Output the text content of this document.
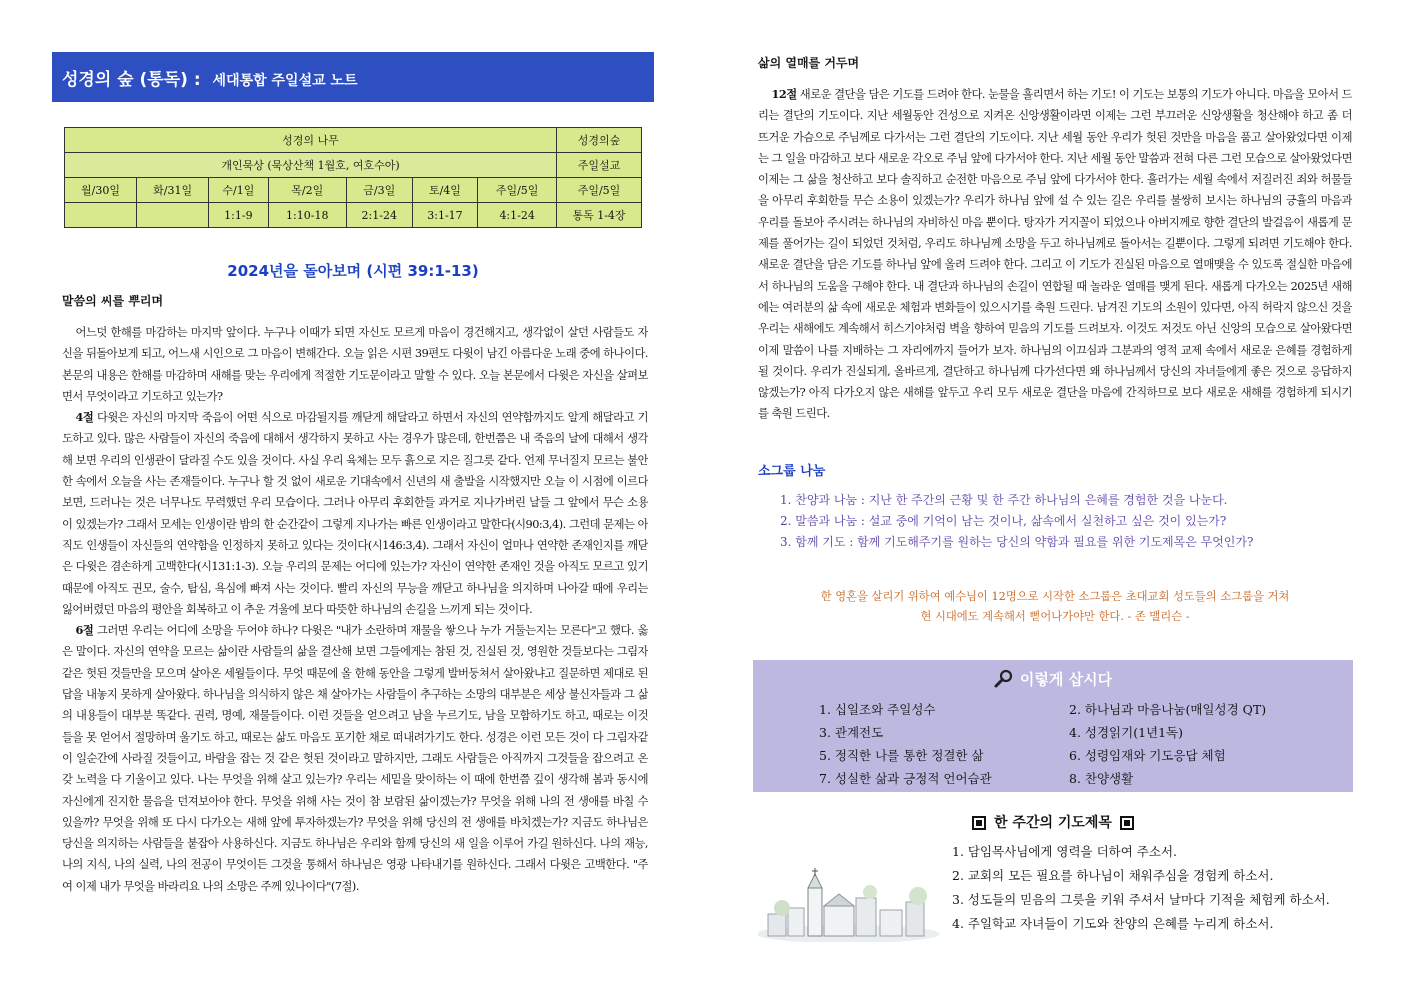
성경의 숲 (통독) : 세대통합 주일설교 노트
성경의 나무							성경의숲
개인묵상 (묵상산책 1월호, 여호수아)							주일설교
월/30일	화/31일	수/1일	목/2일	금/3일	토/4일	주일/5일	주일/5일
		1:1-9	1:10-18	2:1-24	3:1-17	4:1-24	통독 1-4장
2024년을 돌아보며 (시편 39:1-13)
말씀의 씨를 뿌리며

어느덧 한해를 마감하는 마지막 앞이다. 누구나 이때가 되면 자신도 모르게 마음이 경건해지고, 생각없이 살던 사람들도 자신을 뒤돌아보게 되고, 어느새 시인으로 그 마음이 변해간다. 오늘 읽은 시편 39편도 다윗이 남긴 아름다운 노래 중에 하나이다. 본문의 내용은 한해를 마감하며 새해를 맞는 우리에게 적절한 기도문이라고 말할 수 있다. 오늘 본문에서 다윗은 자신을 살펴보면서 무엇이라고 기도하고 있는가?

4절 다윗은 자신의 마지막 죽음이 어떤 식으로 마감될지를 깨닫게 해달라고 하면서 자신의 연약함까지도 알게 해달라고 기도하고 있다. 많은 사람들이 자신의 죽음에 대해서 생각하지 못하고 사는 경우가 많은데, 한번쯤은 내 죽음의 날에 대해서 생각해 보면 우리의 인생관이 달라질 수도 있을 것이다. 사실 우리 육체는 모두 흙으로 지은 질그릇 같다. 언제 무너질지 모르는 불안한 속에서 오늘을 사는 존재들이다. 누구나 할 것 없이 새로운 기대속에서 신년의 새 출발을 시작했지만 오늘 이 시점에 이르다 보면, 드러나는 것은 너무나도 무력했던 우리 모습이다. 그러나 아무리 후회한들 과거로 지나가버린 날들 그 앞에서 무슨 소용이 있겠는가? 그래서 모세는 인생이란 밤의 한 순간같이 그렇게 지나가는 빠른 인생이라고 말한다(시90:3,4). 그런데 문제는 아직도 인생들이 자신들의 연약함을 인정하지 못하고 있다는 것이다(시146:3,4). 그래서 자신이 얼마나 연약한 존재인지를 깨닫은 다윗은 겸손하게 고백한다(시131:1-3). 오늘 우리의 문제는 어디에 있는가? 자신이 연약한 존재인 것을 아직도 모르고 있기 때문에 아직도 권모, 술수, 탐심, 욕심에 빠져 사는 것이다. 빨리 자신의 무능을 깨닫고 하나님을 의지하며 나아갈 때에 우리는 잃어버렸던 마음의 평안을 회복하고 이 추운 겨울에 보다 따뜻한 하나님의 손길을 느끼게 되는 것이다.

6절 그러면 우리는 어디에 소망을 두어야 하나? 다윗은 "내가 소란하며 재물을 쌓으나 누가 거둘는지는 모른다"고 했다. 옳은 말이다. 자신의 연약을 모르는 삶이란 사람들의 삶을 결산해 보면 그들에게는 참된 것, 진실된 것, 영원한 것들보다는 그림자같은 헛된 것들만을 모으며 살아온 세월들이다. 무엇 때문에 올 한해 동안을 그렇게 발버둥쳐서 살아왔냐고 질문하면 제대로 된 답을 내놓지 못하게 살아왔다. 하나님을 의식하지 않은 채 살아가는 사람들이 추구하는 소망의 대부분은 세상 불신자들과 그 삶의 내용들이 대부분 똑같다. 권력, 명예, 재물들이다. 이런 것들을 얻으려고 남을 누르기도, 남을 모함하기도 하고, 때로는 이것들을 못 얻어서 절망하며 울기도 하고, 때로는 삶도 마음도 포기한 채로 떠내려가기도 한다. 성경은 이런 모든 것이 다 그림자같이 일순간에 사라질 것들이고, 바람을 잡는 것 같은 헛된 것이라고 말하지만, 그래도 사람들은 아직까지 그것들을 잡으려고 온갖 노력을 다 기울이고 있다. 나는 무엇을 위해 살고 있는가? 우리는 세밑을 맞이하는 이 때에 한번쯤 깊이 생각해 봄과 동시에 자신에게 진지한 물음을 던져보아야 한다. 무엇을 위해 사는 것이 참 보람된 삶이겠는가? 무엇을 위해 나의 전 생애를 바칠 수 있을까? 무엇을 위해 또 다시 다가오는 새해 앞에 투자하겠는가? 무엇을 위해 당신의 전 생애를 바치겠는가? 지금도 하나님은 당신을 의지하는 사람들을 붙잡아 사용하신다. 지금도 하나님은 우리와 함께 당신의 새 일을 이루어 가길 원하신다. 나의 재능, 나의 지식, 나의 실력, 나의 전공이 무엇이든 그것을 통해서 하나님은 영광 나타내기를 원하신다. 그래서 다윗은 고백한다. "주여 이제 내가 무엇을 바라리요 나의 소망은 주께 있나이다"(7절).

삶의 열매를 거두며

12절 새로운 결단을 담은 기도를 드려야 한다. 눈물을 흘리면서 하는 기도! 이 기도는 보통의 기도가 아니다. 마음을 모아서 드리는 결단의 기도이다. 지난 세월동안 건성으로 지켜온 신앙생활이라면 이제는 그런 부끄러운 신앙생활을 청산해야 하고 좀 더 뜨거운 가슴으로 주님께로 다가서는 그런 결단의 기도이다. 지난 세월 동안 우리가 헛된 것만을 마음을 품고 살아왔었다면 이제는 그 일을 마감하고 보다 새로운 각오로 주님 앞에 다가서야 한다. 지난 세월 동안 말씀과 전혀 다른 그런 모습으로 살아왔었다면 이제는 그 삶을 청산하고 보다 솔직하고 순전한 마음으로 주님 앞에 다가서야 한다. 흘러가는 세월 속에서 저질러진 죄와 허물들을 아무리 후회한들 무슨 소용이 있겠는가? 우리가 하나님 앞에 설 수 있는 길은 우리를 불쌍히 보시는 하나님의 긍휼의 마음과 우리를 돌보아 주시려는 하나님의 자비하신 마음 뿐이다. 탕자가 거지꼴이 되었으나 아버지께로 향한 결단의 발걸음이 새롭게 문제를 풀어가는 길이 되었던 것처럼, 우리도 하나님께 소망을 두고 하나님께로 돌아서는 길뿐이다. 그렇게 되려면 기도해야 한다. 새로운 결단을 담은 기도를 하나님 앞에 올려 드려야 한다. 그리고 이 기도가 진실된 마음으로 열매맺을 수 있도록 절실한 마음에서 하나님의 도움을 구해야 한다. 내 결단과 하나님의 손길이 연합될 때 놀라운 열매를 맺게 된다. 새롭게 다가오는 2025년 새해에는 여러분의 삶 속에 새로운 체험과 변화들이 있으시기를 축원 드린다. 남겨진 기도의 소원이 있다면, 아직 허락지 않으신 것을 우리는 새해에도 계속해서 히스기야처럼 벽을 향하여 믿음의 기도를 드려보자. 이것도 저것도 아닌 신앙의 모습으로 살아왔다면 이제 말씀이 나를 지배하는 그 자리에까지 들어가 보자. 하나님의 이끄심과 그분과의 영적 교제 속에서 새로운 은혜를 경험하게 될 것이다. 우리가 진실되게, 올바르게, 결단하고 하나님께 다가선다면 왜 하나님께서 당신의 자녀들에게 좋은 것으로 응답하지 않겠는가? 아직 다가오지 않은 새해를 앞두고 우리 모두 새로운 결단을 마음에 간직하므로 보다 새로운 새해를 경험하게 되시기를 축원 드린다.

소그룹 나눔
1. 찬양과 나눔 : 지난 한 주간의 근황 및 한 주간 하나님의 은혜를 경험한 것을 나눈다.
2. 말씀과 나눔 : 설교 중에 기억이 남는 것이나, 삶속에서 실천하고 싶은 것이 있는가?
3. 함께 기도 : 함께 기도해주기를 원하는 당신의 약함과 필요를 위한 기도제목은 무엇인가?
한 영혼을 살리기 위하여 예수님이 12명으로 시작한 소그룹은 초대교회 성도들의 소그룹을 거쳐
현 시대에도 계속해서 뻗어나가야만 한다. - 존 맬리슨 -
이렇게 삽시다
1. 십일조와 주일성수	2. 하나님과 마음나눔(매일성경 QT)
3. 관계전도	4. 성경읽기(1년1독)
5. 정직한 나를 통한 정결한 삶	6. 성령임재와 기도응답 체험
7. 성실한 삶과 긍정적 언어습관	8. 찬양생활
한 주간의 기도제목
1. 담임목사님에게 영력을 더하여 주소서.
2. 교회의 모든 필요를 하나님이 채워주심을 경험케 하소서.
3. 성도들의 믿음의 그릇을 키워 주셔서 날마다 기적을 체험케 하소서.
4. 주일학교 자녀들이 기도와 찬양의 은혜를 누리게 하소서.
